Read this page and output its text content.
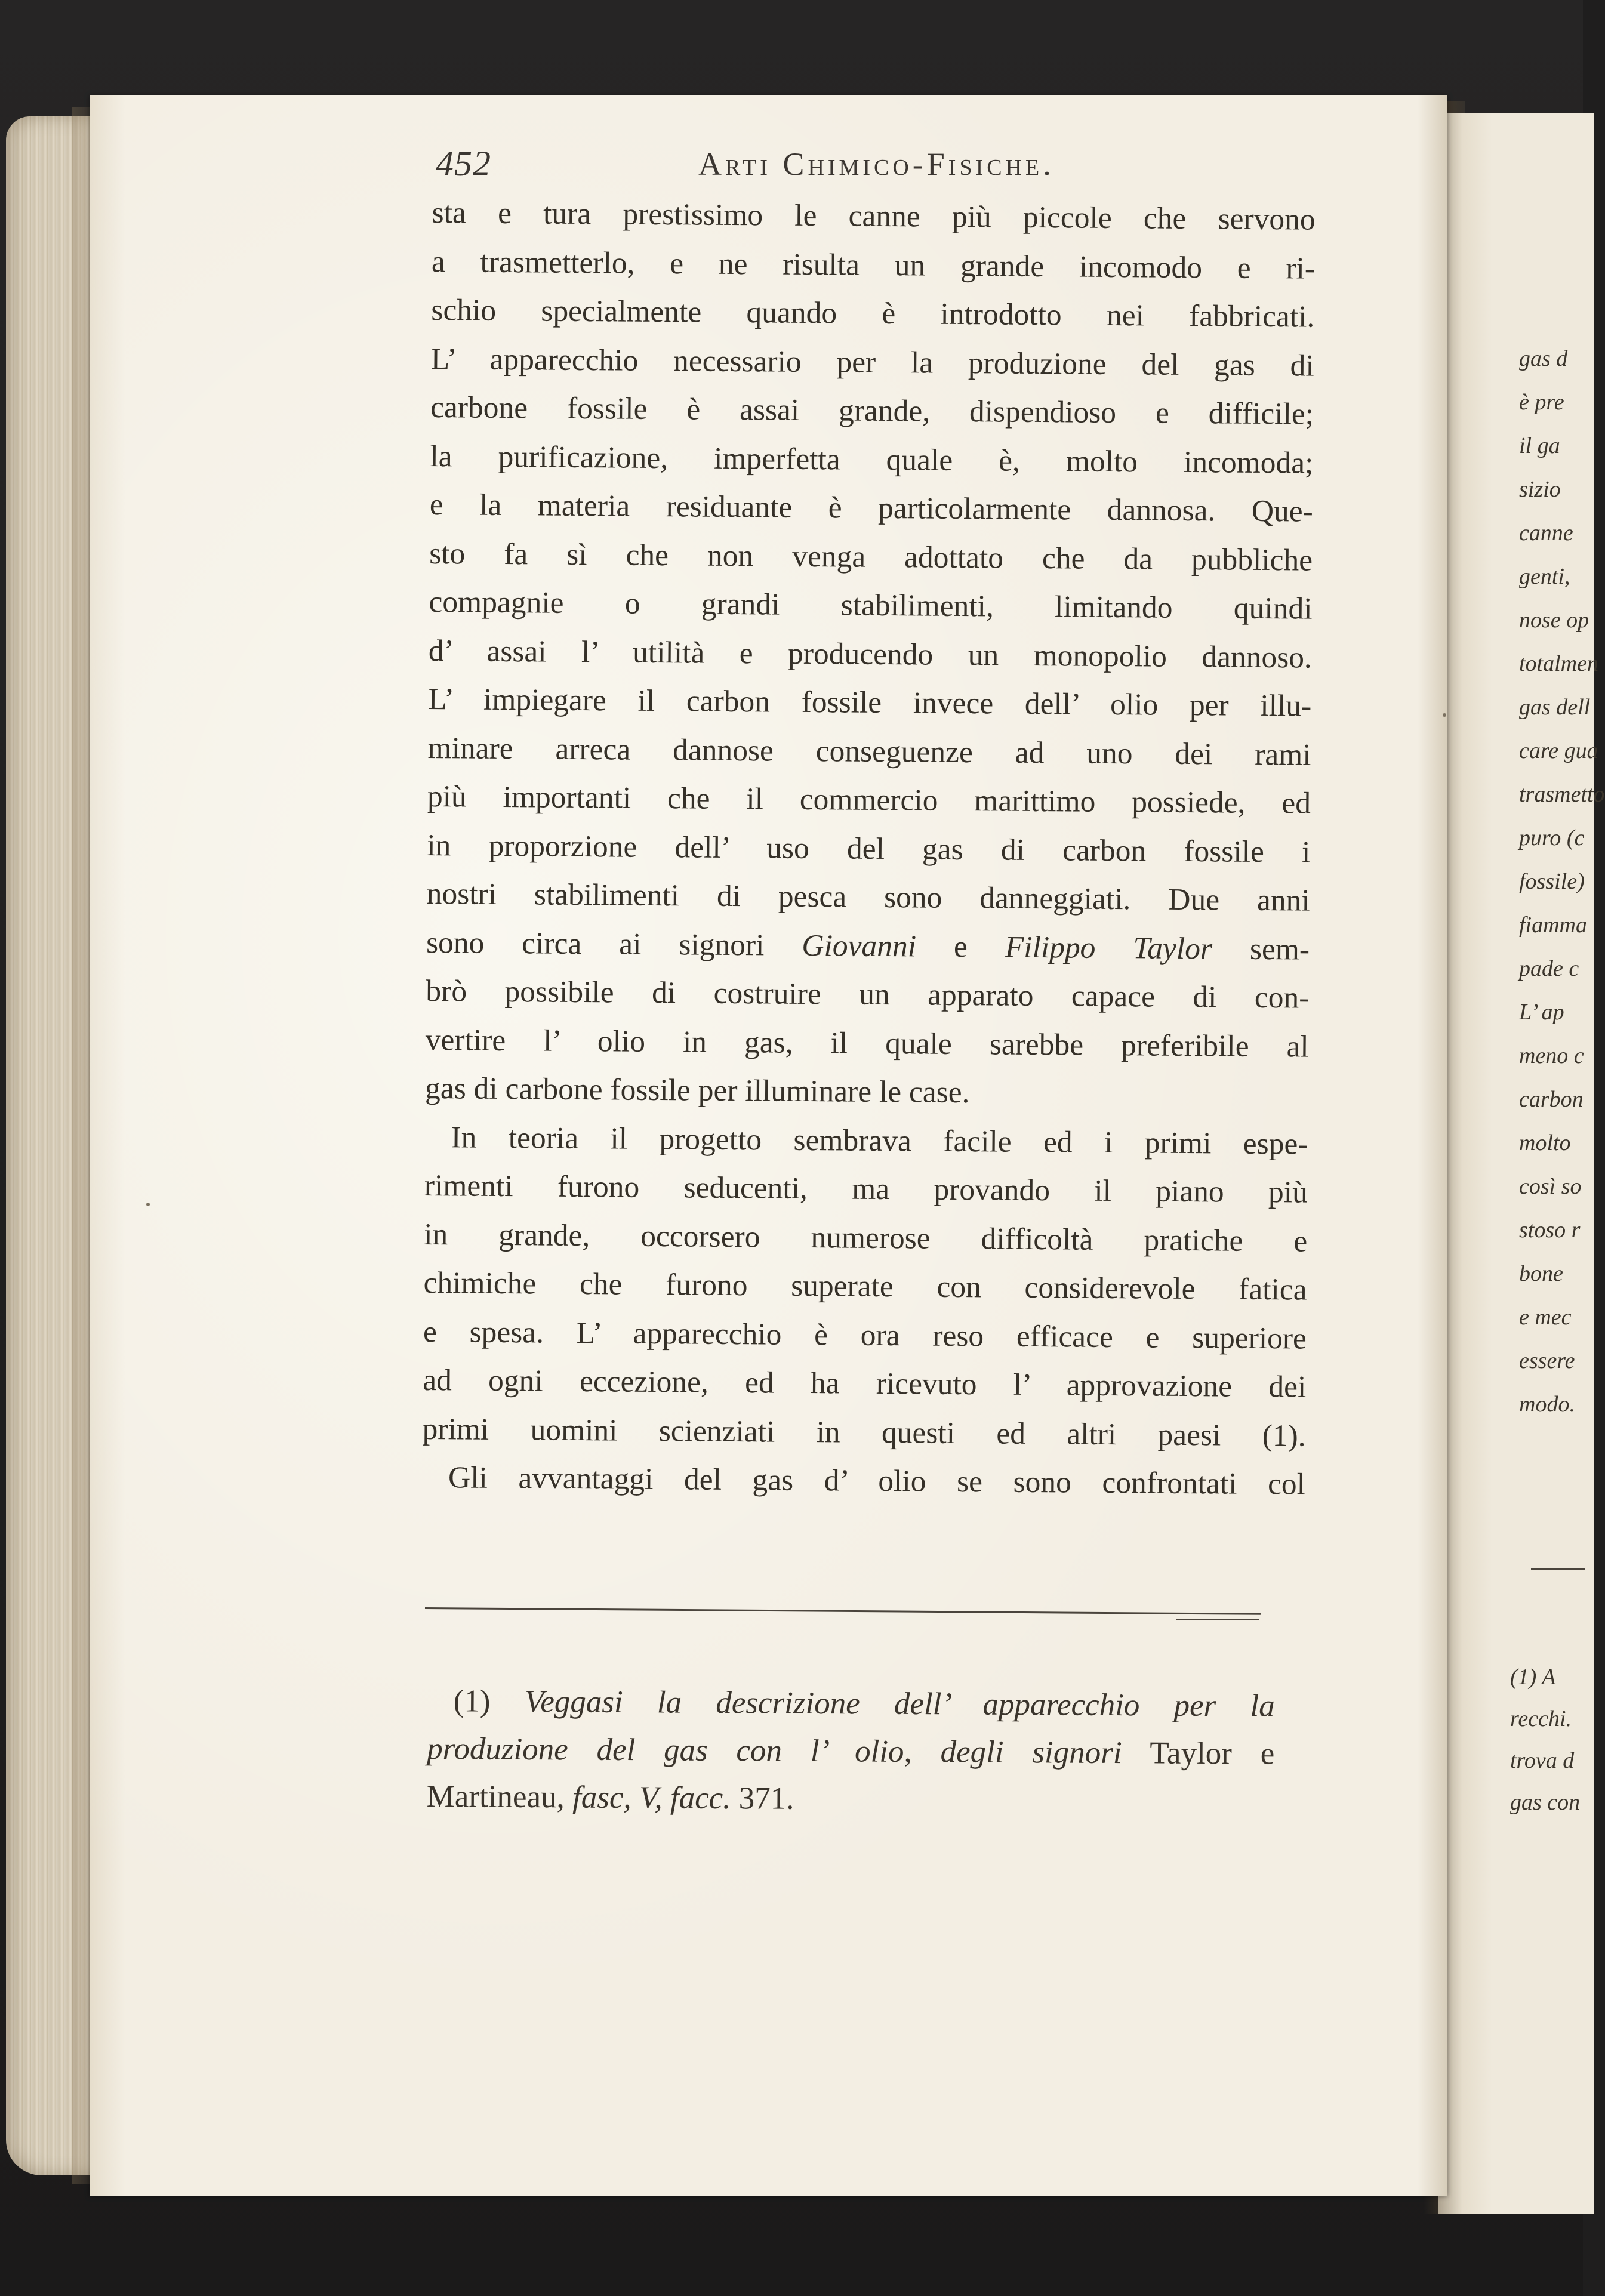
452	Arti Chimico-Fisiche.
sta e tura prestissimo le canne più piccole che servono
a trasmetterlo, e ne risulta un grande incomodo e ri-
schio specialmente quando è introdotto nei fabbricati.
L’ apparecchio necessario per la produzione del gas di
carbone fossile è assai grande, dispendioso e difficile;
la purificazione, imperfetta quale è, molto incomoda;
e la materia residuante è particolarmente dannosa. Que-
sto fa sì che non venga adottato che da pubbliche
compagnie o grandi stabilimenti, limitando quindi
d’ assai l’ utilità e producendo un monopolio dannoso.
L’ impiegare il carbon fossile invece dell’ olio per illu-
minare arreca dannose conseguenze ad uno dei rami
più importanti che il commercio marittimo possiede, ed
in proporzione dell’ uso del gas di carbon fossile i
nostri stabilimenti di pesca sono danneggiati. Due anni
sono circa ai signori Giovanni e Filippo Taylor sem-
brò possibile di costruire un apparato capace di con-
vertire l’ olio in gas, il quale sarebbe preferibile al
gas di carbone fossile per illuminare le case.
In teoria il progetto sembrava facile ed i primi espe-
rimenti furono seducenti, ma provando il piano più
in grande, occorsero numerose difficoltà pratiche e
chimiche che furono superate con considerevole fatica
e spesa. L’ apparecchio è ora reso efficace e superiore
ad ogni eccezione, ed ha ricevuto l’ approvazione dei
primi uomini scienziati in questi ed altri paesi (1).
Gli avvantaggi del gas d’ olio se sono confrontati col
(1) Veggasi la descrizione dell’ apparecchio per la
produzione del gas con l’ olio, degli signori Taylor e
Martineau, fasc, V, facc. 371.
gas d
è pre
il ga
sizio
canne
genti,
nose op
totalmen
gas dell
care gua
trasmetto
puro (c
fossile)
fiamma
pade c
L’ ap
meno c
carbon
molto
così so
stoso r
bone
e mec
essere
modo.
(1) A
recchi.
trova d
gas con
